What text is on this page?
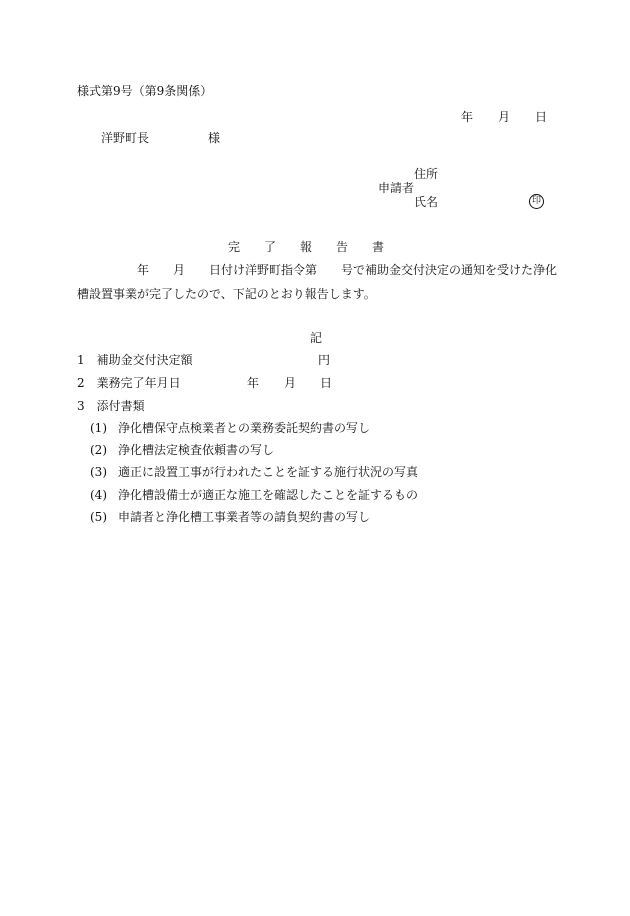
様式第9号（第9条関係）
年 月 日
洋野町長	様
住所
申請者
氏名	印
完　　了　　報　　告　　書
年　　月　　日付け洋野町指令第　　号で補助金交付決定の通知を受けた浄化
槽設置事業が完了したので、下記のとおり報告します。
記
1　補助金交付決定額	円
2　業務完了年月日	年 月 日
3　添付書類
(1) 浄化槽保守点検業者との業務委託契約書の写し
(2) 浄化槽法定検査依頼書の写し
(3) 適正に設置工事が行われたことを証する施行状況の写真
(4) 浄化槽設備士が適正な施工を確認したことを証するもの
(5) 申請者と浄化槽工事業者等の請負契約書の写し
